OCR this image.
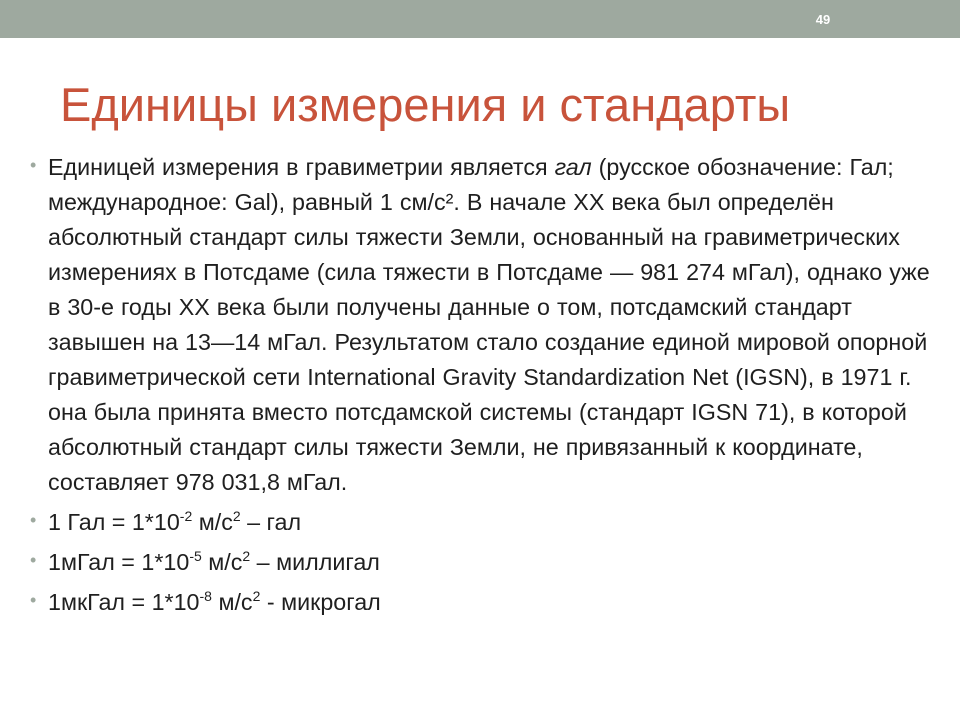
49
Единицы измерения и стандарты
• Единицей измерения в гравиметрии является гал (русское обозначение: Гал; международное: Gal), равный 1 см/с². В начале XX века был определён абсолютный стандарт силы тяжести Земли, основанный на гравиметрических измерениях в Потсдаме (сила тяжести в Потсдаме — 981 274 мГал), однако уже в 30-е годы XX века были получены данные о том, потсдамский стандарт завышен на 13—14 мГал. Результатом стало создание единой мировой опорной гравиметрической сети International Gravity Standardization Net (IGSN), в 1971 г. она была принята вместо потсдамской системы (стандарт IGSN 71), в которой абсолютный стандарт силы тяжести Земли, не привязанный к координате, составляет 978 031,8 мГал.
• 1 Гал = $1*10^{-2}$ $м/с^2$ – гал
• 1мГал = $1*10^{-5}$ $м/с^2$ – миллигал
• 1мкГал = $1*10^{-8}$ $м/с^2$ - микрогал
